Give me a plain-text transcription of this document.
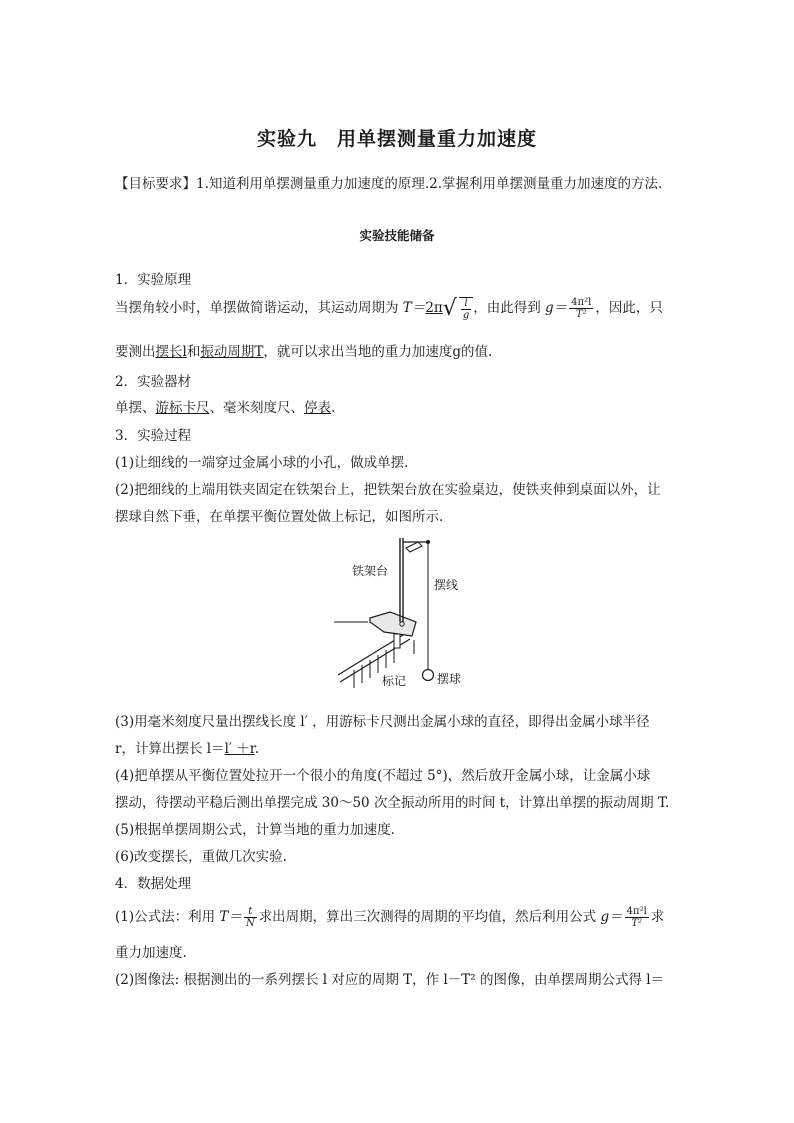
实验九　用单摆测量重力加速度
【目标要求】1.知道利用单摆测量重力加速度的原理.2.掌握利用单摆测量重力加速度的方法.
实验技能储备
1．实验原理
当摆角较小时，单摆做简谐运动，其运动周期为 $T=2\pi√ \frac{l}{g}$ ，由此得到 $g= \frac{\text{4π²l}}{\text{T²}}$ ，因此，只
要测出摆长l和振动周期T，就可以求出当地的重力加速度g的值.
2．实验器材
单摆、游标卡尺、毫米刻度尺、停表.
3．实验过程
(1)让细线的一端穿过金属小球的小孔，做成单摆.
(2)把细线的上端用铁夹固定在铁架台上，把铁架台放在实验桌边，使铁夹伸到桌面以外，让
摆球自然下垂，在单摆平衡位置处做上标记，如图所示.
铁架台
摆线
标记	摆球
(3)用毫米刻度尺量出摆线长度 l′ ，用游标卡尺测出金属小球的直径，即得出金属小球半径
r，计算出摆长 l＝l′ ＋r.
(4)把单摆从平衡位置处拉开一个很小的角度(不超过 5°)，然后放开金属小球，让金属小球
摆动，待摆动平稳后测出单摆完成 30～50 次全振动所用的时间 t，计算出单摆的振动周期 T.
(5)根据单摆周期公式，计算当地的重力加速度.
(6)改变摆长，重做几次实验.
4．数据处理
(1)公式法：利用 $T= \frac{t}{N}$ 求出周期，算出三次测得的周期的平均值，然后利用公式 $g= \frac{\text{4π²l}}{\text{T²}}$ 求
重力加速度.
(2)图像法: 根据测出的一系列摆长 l 对应的周期 T，作 l－T² 的图像，由单摆周期公式得 l＝
